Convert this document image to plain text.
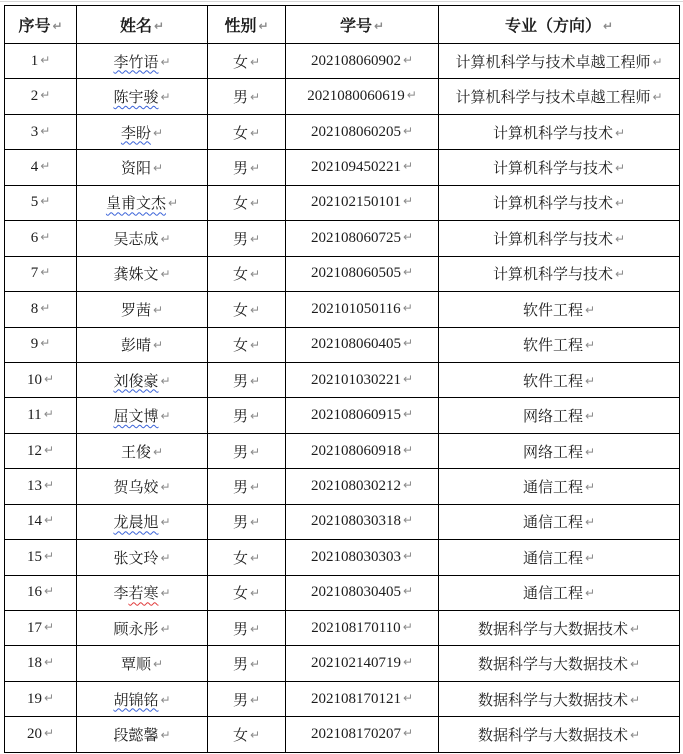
序号 ↵	姓名 ↵	性别 ↵	学号 ↵	专业（方向） ↵
1 ↵	李竹语 ↵	女 ↵	202108060902 ↵	计算机科学与技术卓越工程师 ↵
2 ↵	陈宇骏 ↵	男 ↵	2021080060619 ↵	计算机科学与技术卓越工程师 ↵
3 ↵	李盼 ↵	女 ↵	202108060205 ↵	计算机科学与技术 ↵
4 ↵	资阳 ↵	男 ↵	202109450221 ↵	计算机科学与技术 ↵
5 ↵	皇甫文杰 ↵	女 ↵	202102150101 ↵	计算机科学与技术 ↵
6 ↵	吴志成 ↵	男 ↵	202108060725 ↵	计算机科学与技术 ↵
7 ↵	龚姝文 ↵	女 ↵	202108060505 ↵	计算机科学与技术 ↵
8 ↵	罗茜 ↵	女 ↵	202101050116 ↵	软件工程 ↵
9 ↵	彭晴 ↵	女 ↵	202108060405 ↵	软件工程 ↵
10 ↵	刘俊豪 ↵	男 ↵	202101030221 ↵	软件工程 ↵
11 ↵	屈文博 ↵	男 ↵	202108060915 ↵	网络工程 ↵
12 ↵	王俊 ↵	男 ↵	202108060918 ↵	网络工程 ↵
13 ↵	贺乌姣 ↵	男 ↵	202108030212 ↵	通信工程 ↵
14 ↵	龙晨旭 ↵	男 ↵	202108030318 ↵	通信工程 ↵
15 ↵	张文玲 ↵	女 ↵	202108030303 ↵	通信工程 ↵
16 ↵	李若寒 ↵	女 ↵	202108030405 ↵	通信工程 ↵
17 ↵	顾永彤 ↵	男 ↵	202108170110 ↵	数据科学与大数据技术 ↵
18 ↵	覃顺 ↵	男 ↵	202102140719 ↵	数据科学与大数据技术 ↵
19 ↵	胡锦铭 ↵	男 ↵	202108170121 ↵	数据科学与大数据技术 ↵
20 ↵	段懿馨 ↵	女 ↵	202108170207 ↵	数据科学与大数据技术 ↵
